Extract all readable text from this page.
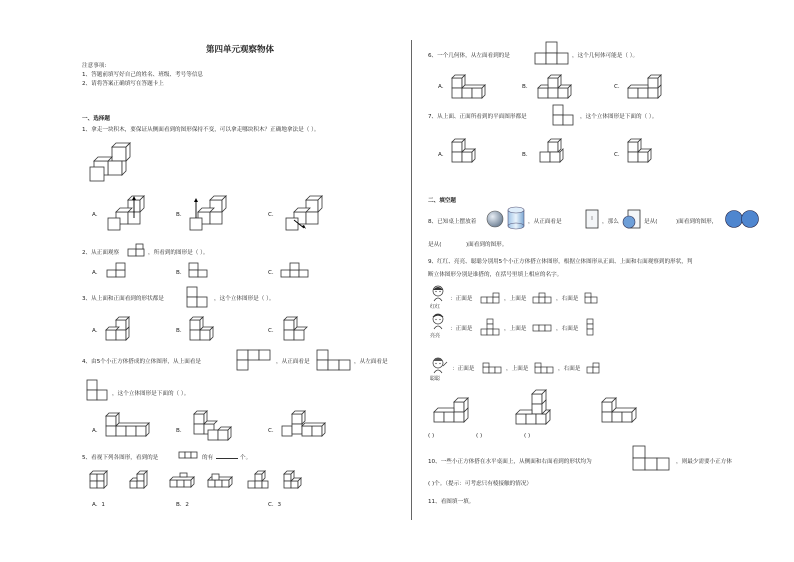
第四单元观察物体
注意事项:
1、答题前填写好自己的姓名、班级、考号等信息
2、请将答案正确填写在答题卡上
一、选择题
1、拿走一块积木，要保证从侧面看到的图形保持不变，可以拿走哪块积木？正确地拿法是（ ）。
A．	B．	C．
2、从正面观察	，所看到的图形是（ ）。
A．	B．	C．
3、从上面和正面看到的形状都是	，这个立体图形是（ ）。
A．	B．	C．
4、由5个小正方体搭成的立体图形，从上面看是	，从正面看是	，从左面看是
，这个立体图形是下面的（ ）。
A．	B．	C．
5、看视下列各图形，看到的是	的有	个。
A．1	B．2	C．3
6、一个几何体，从左面看到的是	，这个几何体可能是（ ）。
A．	B．	C．
7、从上面、正面所看到的平面图形都是	，这个立体图形是下面的（ ）。
A．	B．	C．
二、填空题
8、已知桌上摆放着	，从正面看是	，那么	是从(	)面看到的图形，
是从(	)面看到的图形。
9、红红、亮亮、聪聪分别用5个小正方体搭立体图形，根据立体图形从正面、上面和右面观察到的形状，判
断立体图形分别是谁搭的，在括号里填上相应的名字。
红红
：正面是	，上面是	，右面是
亮亮
：正面是	，上面是	，右面是
聪聪
：正面是	，上面是	，右面是
( )	( )	( )
10、一些小正方体搭在水平桌面上，从侧面和右面看到的形状均为	，则最少需要小正方体
( )个。（提示：可考虑只有棱接触的情况）
11、看图填一填。
